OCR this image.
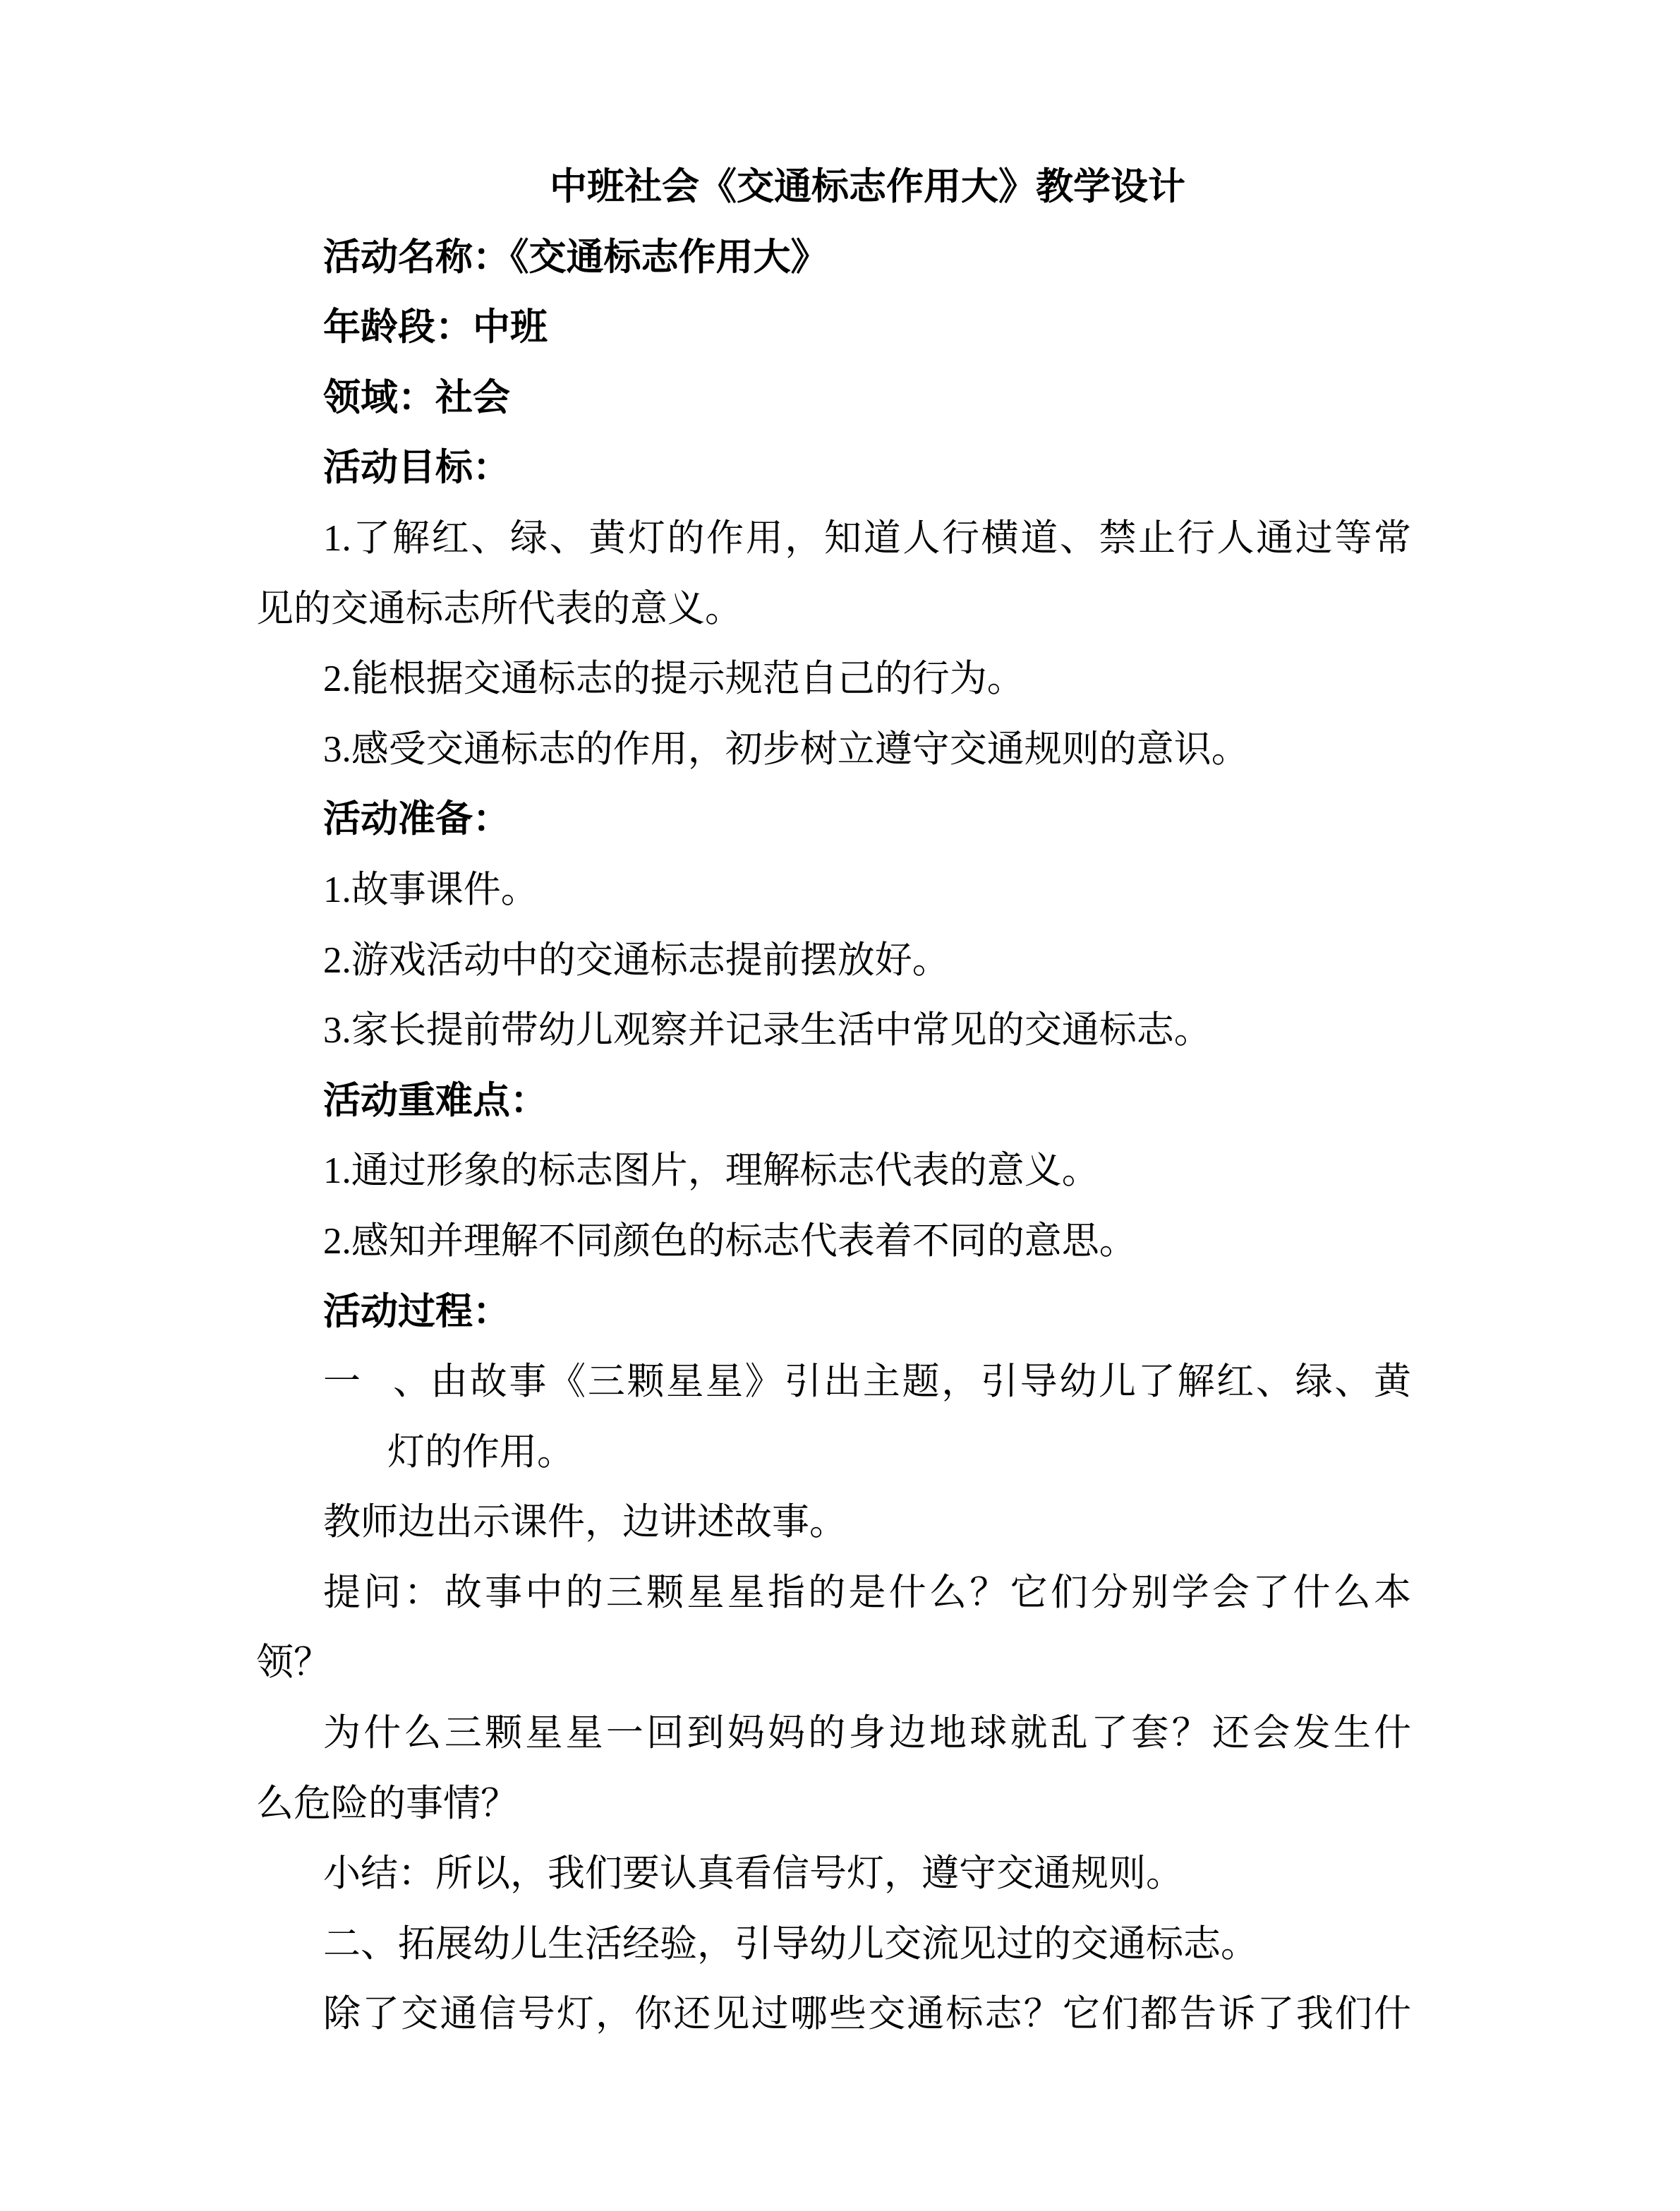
中班社会《交通标志作用大》教学设计
活动名称：《交通标志作用大》
年龄段：中班
领域：社会
活动目标：
1.了解红、绿、黄灯的作用，知道人行横道、禁止行人通过等常
见的交通标志所代表的意义。
2.能根据交通标志的提示规范自己的行为。
3.感受交通标志的作用，初步树立遵守交通规则的意识。
活动准备：
1.故事课件。
2.游戏活动中的交通标志提前摆放好。
3.家长提前带幼儿观察并记录生活中常见的交通标志。
活动重难点：
1.通过形象的标志图片，理解标志代表的意义。
2.感知并理解不同颜色的标志代表着不同的意思。
活动过程：
一、 由故事《三颗星星》引出主题，引导幼儿了解红、绿、黄
灯的作用。
教师边出示课件，边讲述故事。
提问：故事中的三颗星星指的是什么？它们分别学会了什么本
领？
为什么三颗星星一回到妈妈的身边地球就乱了套？还会发生什
么危险的事情？
小结：所以，我们要认真看信号灯，遵守交通规则。
二、拓展幼儿生活经验，引导幼儿交流见过的交通标志。
除了交通信号灯，你还见过哪些交通标志？它们都告诉了我们什
